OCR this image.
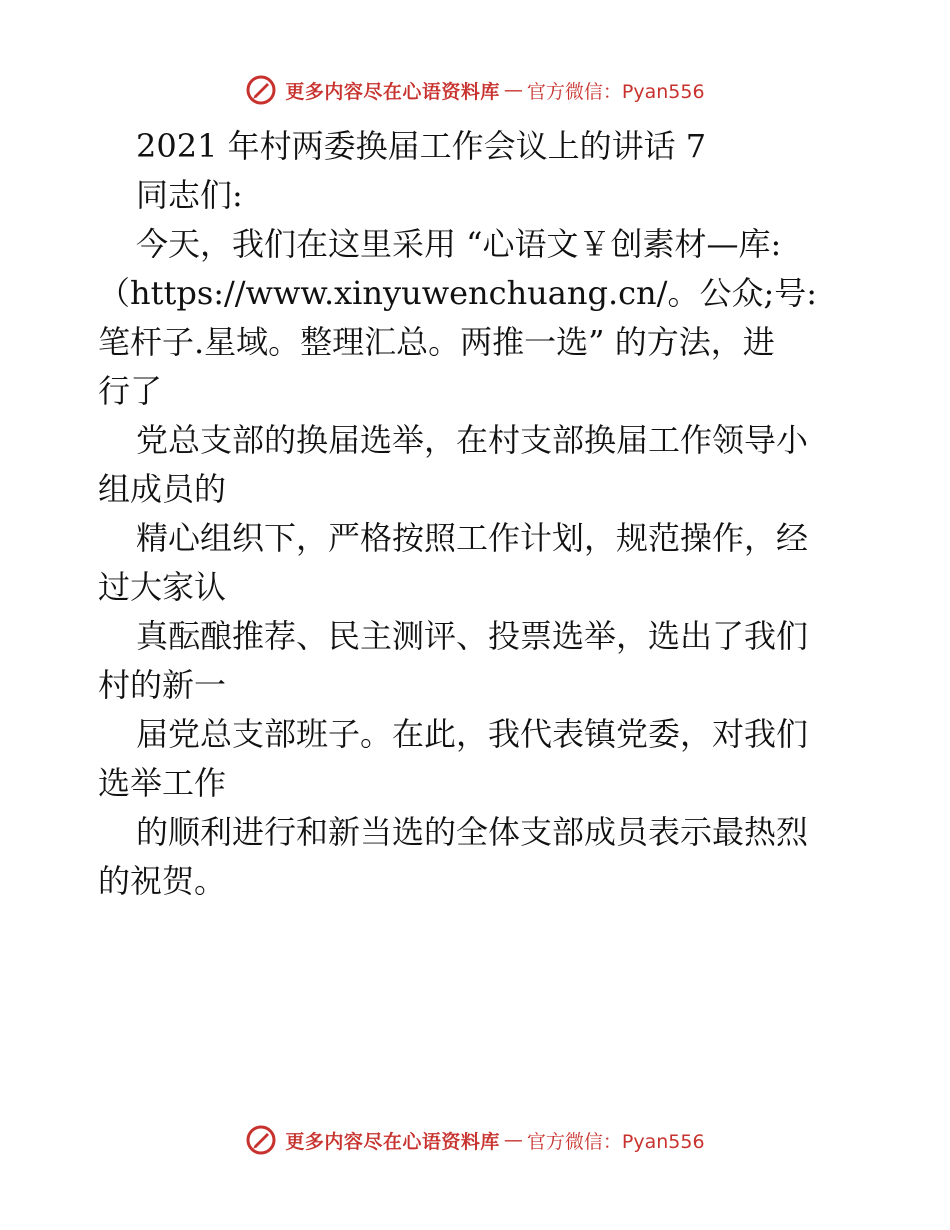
更多内容尽在心语资料库 — 官方微信：Pyan556

2021 年村两委换届工作会议上的讲话 7

同志们:

今天，我们在这里采用 “心语文￥创素材—库:

（https://www.xinyuwenchuang.cn/。公众;号:

笔杆子.星域。整理汇总。两推一选” 的方法，进

行了

党总支部的换届选举，在村支部换届工作领导小

组成员的

精心组织下，严格按照工作计划，规范操作，经

过大家认

真酝酿推荐、民主测评、投票选举，选出了我们

村的新一

届党总支部班子。在此，我代表镇党委，对我们

选举工作

的顺利进行和新当选的全体支部成员表示最热烈

的祝贺。

更多内容尽在心语资料库 — 官方微信：Pyan556
